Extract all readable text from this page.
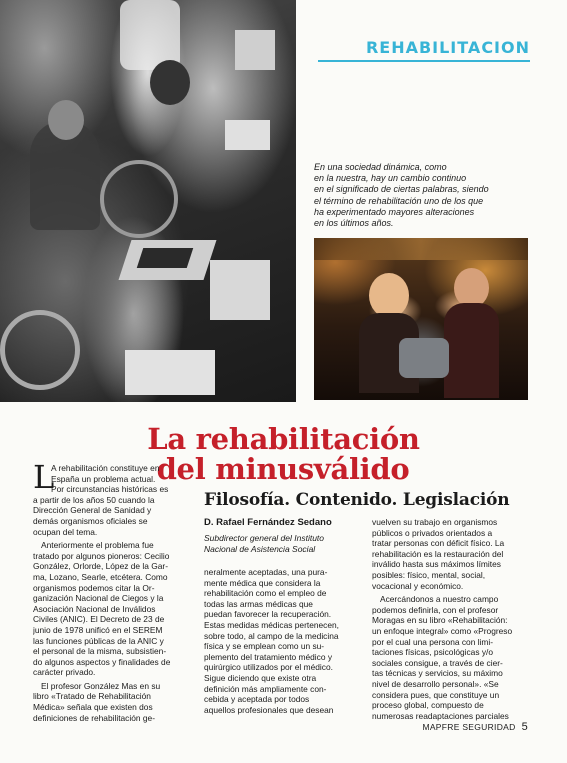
REHABILITACION
En una sociedad dinámica, como
en la nuestra, hay un cambio continuo
en el significado de ciertas palabras, siendo
el término de rehabilitación uno de los que
ha experimentado mayores alteraciones
en los últimos años.
La rehabilitación
del minusválido
Filosofía. Contenido. Legislación
D. Rafael Fernández Sedano
Subdirector general del Instituto
Nacional de Asistencia Social
L
A rehabilitación constituye en
España un problema actual.
Por circunstancias históricas es
a partir de los años 50 cuando la
Dirección General de Sanidad y
demás organismos oficiales se
ocupan del tema.
Anteriormente el problema fue
tratado por algunos pioneros: Cecilio
González, Orlorde, López de la Gar-
ma, Lozano, Searle, etcétera. Como
organismos podemos citar la Or-
ganización Nacional de Ciegos y la
Asociación Nacional de Inválidos
Civiles (ANIC). El Decreto de 23 de
junio de 1978 unificó en el SEREM
las funciones públicas de la ANIC y
el personal de la misma, subsistien-
do algunos aspectos y finalidades de
carácter privado.
El profesor González Mas en su
libro «Tratado de Rehabilitación
Médica» señala que existen dos
definiciones de rehabilitación ge-
neralmente aceptadas, una pura-
mente médica que considera la
rehabilitación como el empleo de
todas las armas médicas que
puedan favorecer la recuperación.
Estas medidas médicas pertenecen,
sobre todo, al campo de la medicina
física y se emplean como un su-
plemento del tratamiento médico y
quirúrgico utilizados por el médico.
Sigue diciendo que existe otra
definición más ampliamente con-
cebida y aceptada por todos
aquellos profesionales que desean
vuelven su trabajo en organismos
públicos o privados orientados a
tratar personas con déficit físico. La
rehabilitación es la restauración del
inválido hasta sus máximos límites
posibles: físico, mental, social,
vocacional y económico.
Acercándonos a nuestro campo
podemos definirla, con el profesor
Moragas en su libro «Rehabilitación:
un enfoque integral» como «Progreso
por el cual una persona con limi-
taciones físicas, psicológicas y/o
sociales consigue, a través de cier-
tas técnicas y servicios, su máximo
nivel de desarrollo personal». «Se
considera pues, que constituye un
proceso global, compuesto de
numerosas readaptaciones parciales
MAPFRE SEGURIDAD 5
